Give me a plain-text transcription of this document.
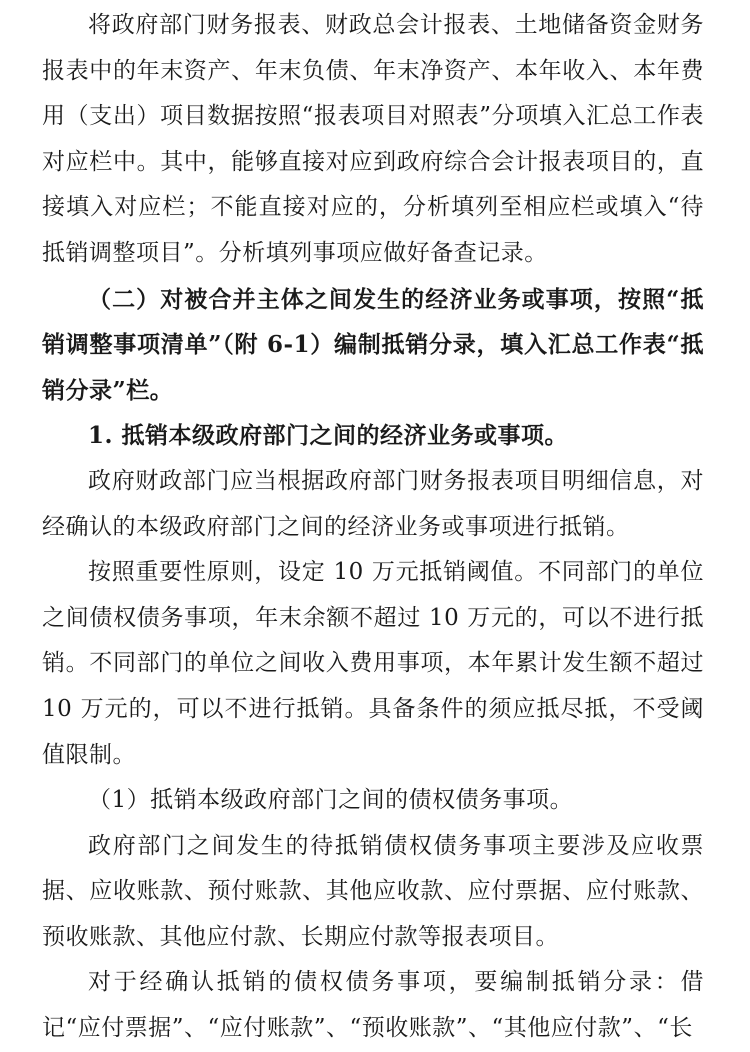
将政府部门财务报表、财政总会计报表、土地储备资金财务报表中的年末资产、年末负债、年末净资产、本年收入、本年费用（支出）项目数据按照“报表项目对照表”分项填入汇总工作表对应栏中。其中，能够直接对应到政府综合会计报表项目的，直接填入对应栏；不能直接对应的，分析填列至相应栏或填入“待抵销调整项目”。分析填列事项应做好备查记录。

（二）对被合并主体之间发生的经济业务或事项，按照“抵销调整事项清单”（附 6-1）编制抵销分录，填入汇总工作表“抵销分录”栏。

1. 抵销本级政府部门之间的经济业务或事项。

政府财政部门应当根据政府部门财务报表项目明细信息，对经确认的本级政府部门之间的经济业务或事项进行抵销。

按照重要性原则，设定 10 万元抵销阈值。不同部门的单位之间债权债务事项，年末余额不超过 10 万元的，可以不进行抵销。不同部门的单位之间收入费用事项，本年累计发生额不超过 10 万元的，可以不进行抵销。具备条件的须应抵尽抵，不受阈值限制。

（1）抵销本级政府部门之间的债权债务事项。

政府部门之间发生的待抵销债权债务事项主要涉及应收票据、应收账款、预付账款、其他应收款、应付票据、应付账款、预收账款、其他应付款、长期应付款等报表项目。

对于经确认抵销的债权债务事项，要编制抵销分录：借记“应付票据”、“应付账款”、“预收账款”、“其他应付款”、“长
